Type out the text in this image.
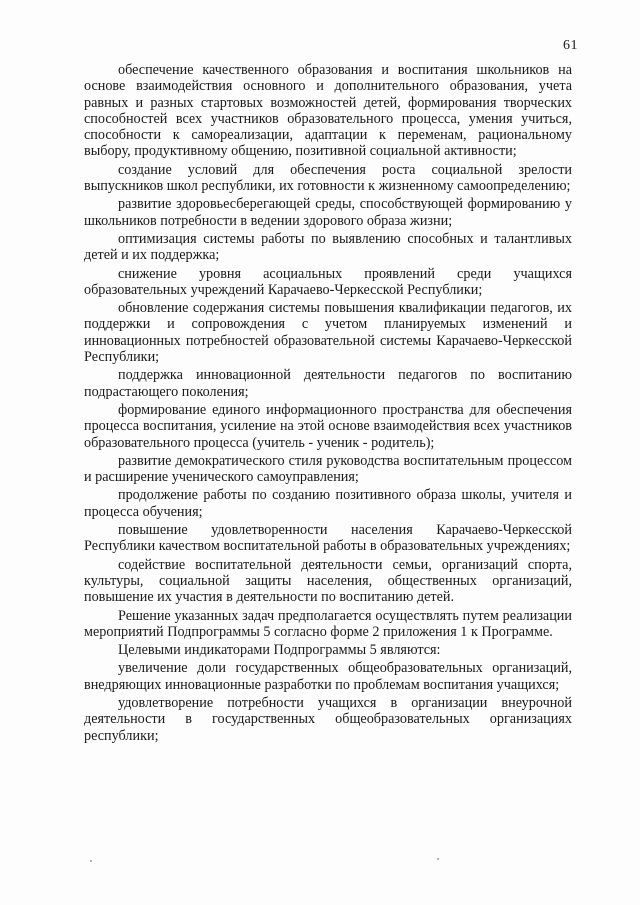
61

обеспечение качественного образования и воспитания школьников на основе взаимодействия основного и дополнительного образования, учета равных и разных стартовых возможностей детей, формирования творческих способностей всех участников образовательного процесса, умения учиться, способности к самореализации, адаптации к переменам, рациональному выбору, продуктивному общению, позитивной социальной активности;

создание условий для обеспечения роста социальной зрелости выпускников школ республики, их готовности к жизненному самоопределению;

развитие здоровьесберегающей среды, способствующей формированию у школьников потребности в ведении здорового образа жизни;

оптимизация системы работы по выявлению способных и талантливых детей и их поддержка;

снижение уровня асоциальных проявлений среди учащихся образовательных учреждений Карачаево-Черкесской Республики;

обновление содержания системы повышения квалификации педагогов, их поддержки и сопровождения с учетом планируемых изменений и инновационных потребностей образовательной системы Карачаево-Черкесской Республики;

поддержка инновационной деятельности педагогов по воспитанию подрастающего поколения;

формирование единого информационного пространства для обеспечения процесса воспитания, усиление на этой основе взаимодействия всех участников образовательного процесса (учитель - ученик - родитель);

развитие демократического стиля руководства воспитательным процессом и расширение ученического самоуправления;

продолжение работы по созданию позитивного образа школы, учителя и процесса обучения;

повышение удовлетворенности населения Карачаево-Черкесской Республики качеством воспитательной работы в образовательных учреждениях;

содействие воспитательной деятельности семьи, организаций спорта, культуры, социальной защиты населения, общественных организаций, повышение их участия в деятельности по воспитанию детей.

Решение указанных задач предполагается осуществлять путем реализации мероприятий Подпрограммы 5 согласно форме 2 приложения 1 к Программе.

Целевыми индикаторами Подпрограммы 5 являются:

увеличение доли государственных общеобразовательных организаций, внедряющих инновационные разработки по проблемам воспитания учащихся;

удовлетворение потребности учащихся в организации внеурочной деятельности в государственных общеобразовательных организациях республики;
